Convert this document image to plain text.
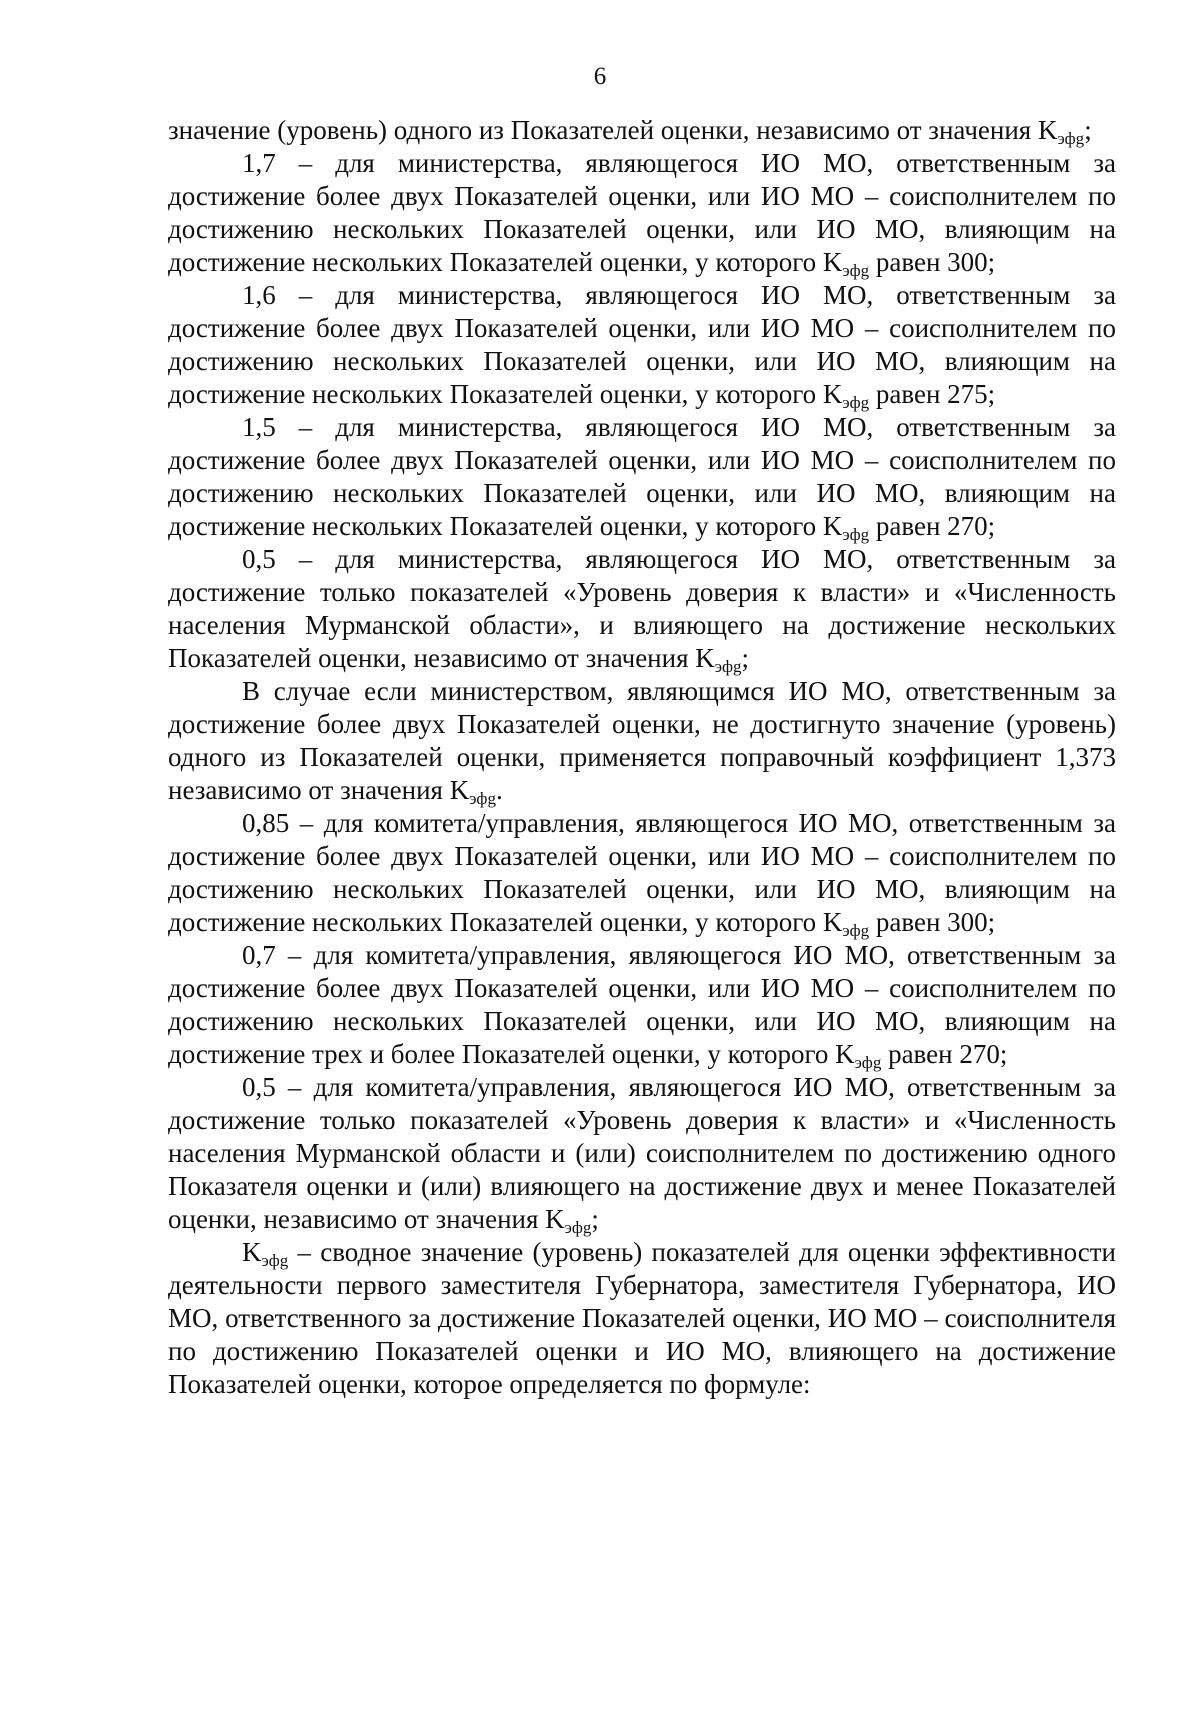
6

значение (уровень) одного из Показателей оценки, независимо от значения $K_{эфg}$;

1,7 – для министерства, являющегося ИО МО, ответственным за достижение более двух Показателей оценки, или ИО МО – соисполнителем по достижению нескольких Показателей оценки, или ИО МО, влияющим на достижение нескольких Показателей оценки, у которого $K_{эфg}$ равен 300;

1,6 – для министерства, являющегося ИО МО, ответственным за достижение более двух Показателей оценки, или ИО МО – соисполнителем по достижению нескольких Показателей оценки, или ИО МО, влияющим на достижение нескольких Показателей оценки, у которого $K_{эфg}$ равен 275;

1,5 – для министерства, являющегося ИО МО, ответственным за достижение более двух Показателей оценки, или ИО МО – соисполнителем по достижению нескольких Показателей оценки, или ИО МО, влияющим на достижение нескольких Показателей оценки, у которого $K_{эфg}$ равен 270;

0,5 – для министерства, являющегося ИО МО, ответственным за достижение только показателей «Уровень доверия к власти» и «Численность населения Мурманской области», и влияющего на достижение нескольких Показателей оценки, независимо от значения $K_{эфg}$;

В случае если министерством, являющимся ИО МО, ответственным за достижение более двух Показателей оценки, не достигнуто значение (уровень) одного из Показателей оценки, применяется поправочный коэффициент 1,373 независимо от значения $K_{эфg}$.

0,85 – для комитета/управления, являющегося ИО МО, ответственным за достижение более двух Показателей оценки, или ИО МО – соисполнителем по достижению нескольких Показателей оценки, или ИО МО, влияющим на достижение нескольких Показателей оценки, у которого $K_{эфg}$ равен 300;

0,7 – для комитета/управления, являющегося ИО МО, ответственным за достижение более двух Показателей оценки, или ИО МО – соисполнителем по достижению нескольких Показателей оценки, или ИО МО, влияющим на достижение трех и более Показателей оценки, у которого $K_{эфg}$ равен 270;

0,5 – для комитета/управления, являющегося ИО МО, ответственным за достижение только показателей «Уровень доверия к власти» и «Численность населения Мурманской области и (или) соисполнителем по достижению одного Показателя оценки и (или) влияющего на достижение двух и менее Показателей оценки, независимо от значения $K_{эфg}$;

$K_{эфg}$ – сводное значение (уровень) показателей для оценки эффективности деятельности первого заместителя Губернатора, заместителя Губернатора, ИО МО, ответственного за достижение Показателей оценки, ИО МО – соисполнителя по достижению Показателей оценки и ИО МО, влияющего на достижение Показателей оценки, которое определяется по формуле:
